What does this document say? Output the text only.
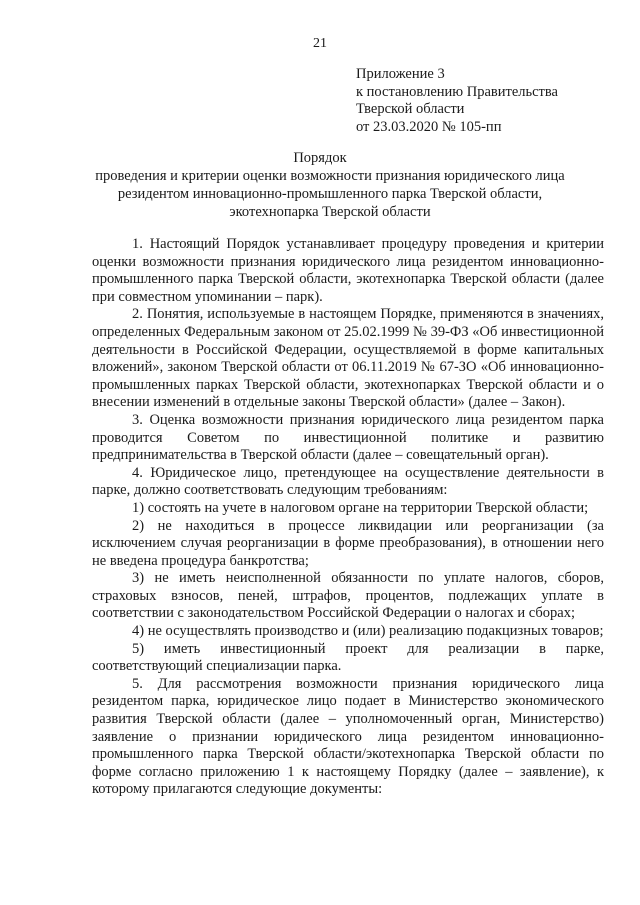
21
Приложение 3
к постановлению Правительства
Тверской области
от 23.03.2020 № 105-пп
Порядок
проведения и критерии оценки возможности признания юридического лица резидентом инновационно-промышленного парка Тверской области, экотехнопарка Тверской области

1. Настоящий Порядок устанавливает процедуру проведения и критерии оценки возможности признания юридического лица резидентом инновационно-промышленного парка Тверской области, экотехнопарка Тверской области (далее при совместном упоминании – парк).

2. Понятия, используемые в настоящем Порядке, применяются в значениях, определенных Федеральным законом от 25.02.1999 № 39-ФЗ «Об инвестиционной деятельности в Российской Федерации, осуществляемой в форме капитальных вложений», законом Тверской области от 06.11.2019 № 67-ЗО «Об инновационно-промышленных парках Тверской области, экотехнопарках Тверской области и о внесении изменений в отдельные законы Тверской области» (далее – Закон).

3. Оценка возможности признания юридического лица резидентом парка проводится Советом по инвестиционной политике и развитию предпринимательства в Тверской области (далее – совещательный орган).

4. Юридическое лицо, претендующее на осуществление деятельности в парке, должно соответствовать следующим требованиям:

1) состоять на учете в налоговом органе на территории Тверской области;

2) не находиться в процессе ликвидации или реорганизации (за исключением случая реорганизации в форме преобразования), в отношении него не введена процедура банкротства;

3) не иметь неисполненной обязанности по уплате налогов, сборов, страховых взносов, пеней, штрафов, процентов, подлежащих уплате в соответствии с законодательством Российской Федерации о налогах и сборах;

4) не осуществлять производство и (или) реализацию подакцизных товаров;

5) иметь инвестиционный проект для реализации в парке, соответствующий специализации парка.

5. Для рассмотрения возможности признания юридического лица резидентом парка, юридическое лицо подает в Министерство экономического развития Тверской области (далее – уполномоченный орган, Министерство) заявление о признании юридического лица резидентом инновационно-промышленного парка Тверской области/экотехнопарка Тверской области по форме согласно приложению 1 к настоящему Порядку (далее – заявление), к которому прилагаются следующие документы:
